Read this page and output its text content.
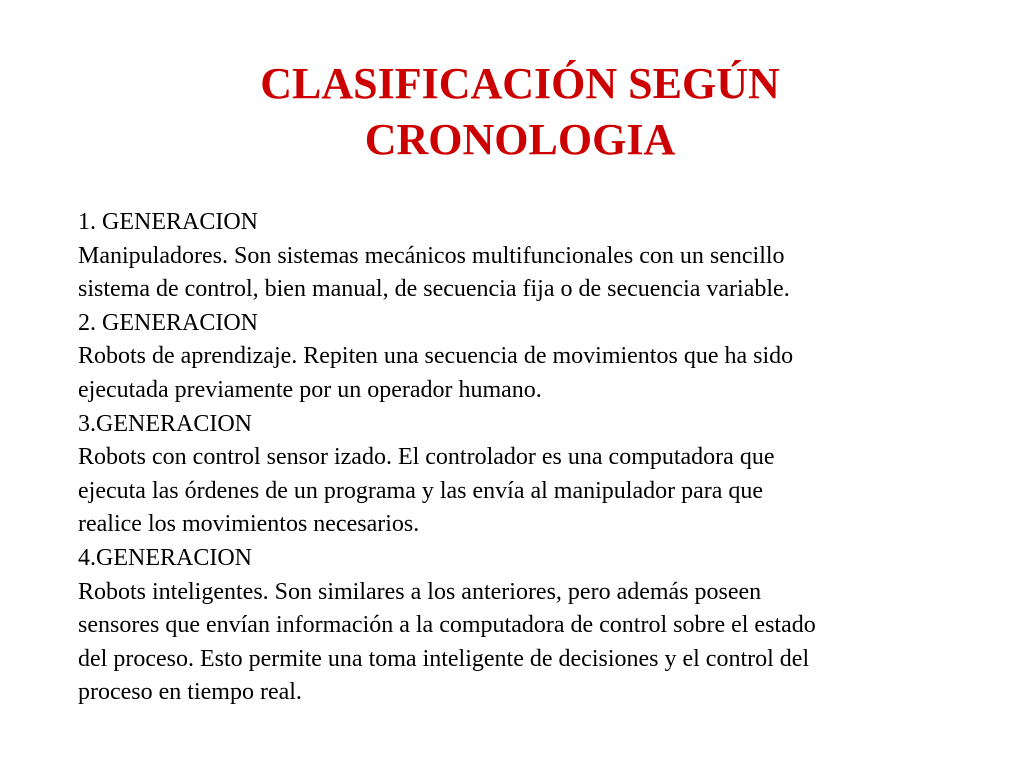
CLASIFICACIÓN SEGÚN
CRONOLOGIA
1. GENERACION
Manipuladores. Son sistemas mecánicos multifuncionales con un sencillo
sistema de control, bien manual, de secuencia fija o de secuencia variable.
2. GENERACION
Robots de aprendizaje. Repiten una secuencia de movimientos que ha sido
ejecutada previamente por un operador humano.
3.GENERACION
Robots con control sensor izado. El controlador es una computadora que
ejecuta las órdenes de un programa y las envía al manipulador para que
realice los movimientos necesarios.
4.GENERACION
Robots inteligentes. Son similares a los anteriores, pero además poseen
sensores que envían información a la computadora de control sobre el estado
del proceso. Esto permite una toma inteligente de decisiones y el control del
proceso en tiempo real.
